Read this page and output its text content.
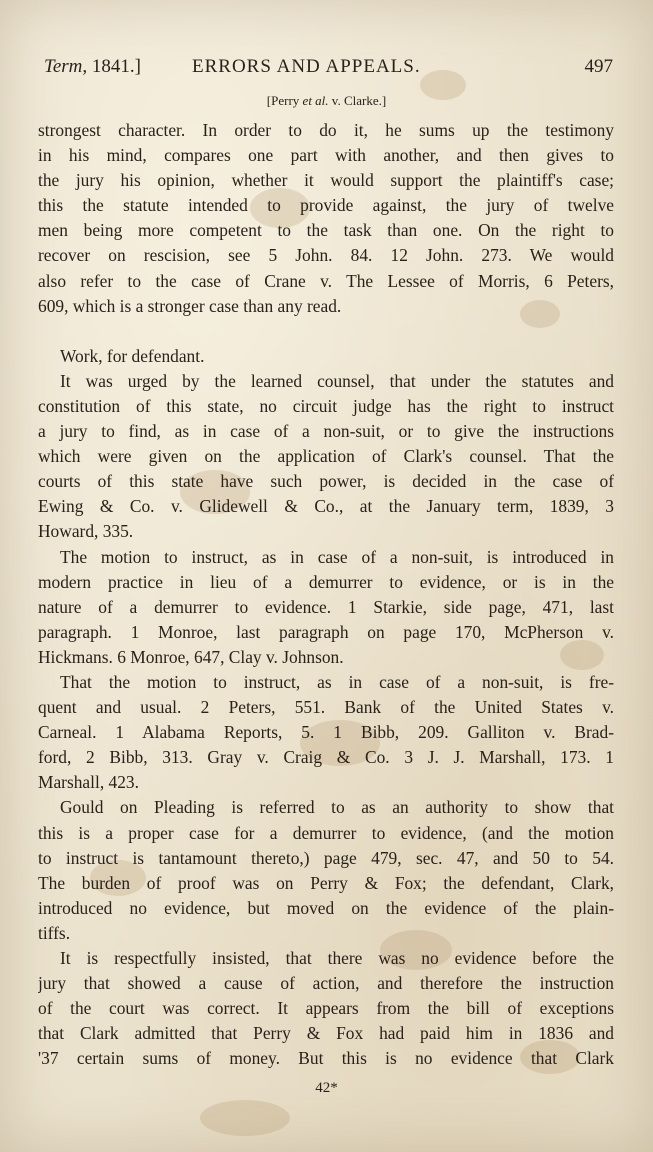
Term, 1841.]	ERRORS AND APPEALS.	497
[Perry et al. v. Clarke.]
strongest character. In order to do it, he sums up the testimony
in his mind, compares one part with another, and then gives to
the jury his opinion, whether it would support the plaintiff's case;
this the statute intended to provide against, the jury of twelve
men being more competent to the task than one. On the right to
recover on rescision, see 5 John. 84. 12 John. 273. We would
also refer to the case of Crane v. The Lessee of Morris, 6 Peters,
609, which is a stronger case than any read.
Work, for defendant.
It was urged by the learned counsel, that under the statutes and
constitution of this state, no circuit judge has the right to instruct
a jury to find, as in case of a non-suit, or to give the instructions
which were given on the application of Clark's counsel. That the
courts of this state have such power, is decided in the case of
Ewing & Co. v. Glidewell & Co., at the January term, 1839, 3
Howard, 335.
The motion to instruct, as in case of a non-suit, is introduced in
modern practice in lieu of a demurrer to evidence, or is in the
nature of a demurrer to evidence. 1 Starkie, side page, 471, last
paragraph. 1 Monroe, last paragraph on page 170, McPherson v.
Hickmans. 6 Monroe, 647, Clay v. Johnson.
That the motion to instruct, as in case of a non-suit, is fre-
quent and usual. 2 Peters, 551. Bank of the United States v.
Carneal. 1 Alabama Reports, 5. 1 Bibb, 209. Galliton v. Brad-
ford, 2 Bibb, 313. Gray v. Craig & Co. 3 J. J. Marshall, 173. 1
Marshall, 423.
Gould on Pleading is referred to as an authority to show that
this is a proper case for a demurrer to evidence, (and the motion
to instruct is tantamount thereto,) page 479, sec. 47, and 50 to 54.
The burden of proof was on Perry & Fox; the defendant, Clark,
introduced no evidence, but moved on the evidence of the plain-
tiffs.
It is respectfully insisted, that there was no evidence before the
jury that showed a cause of action, and therefore the instruction
of the court was correct. It appears from the bill of exceptions
that Clark admitted that Perry & Fox had paid him in 1836 and
'37 certain sums of money. But this is no evidence that Clark
42*
